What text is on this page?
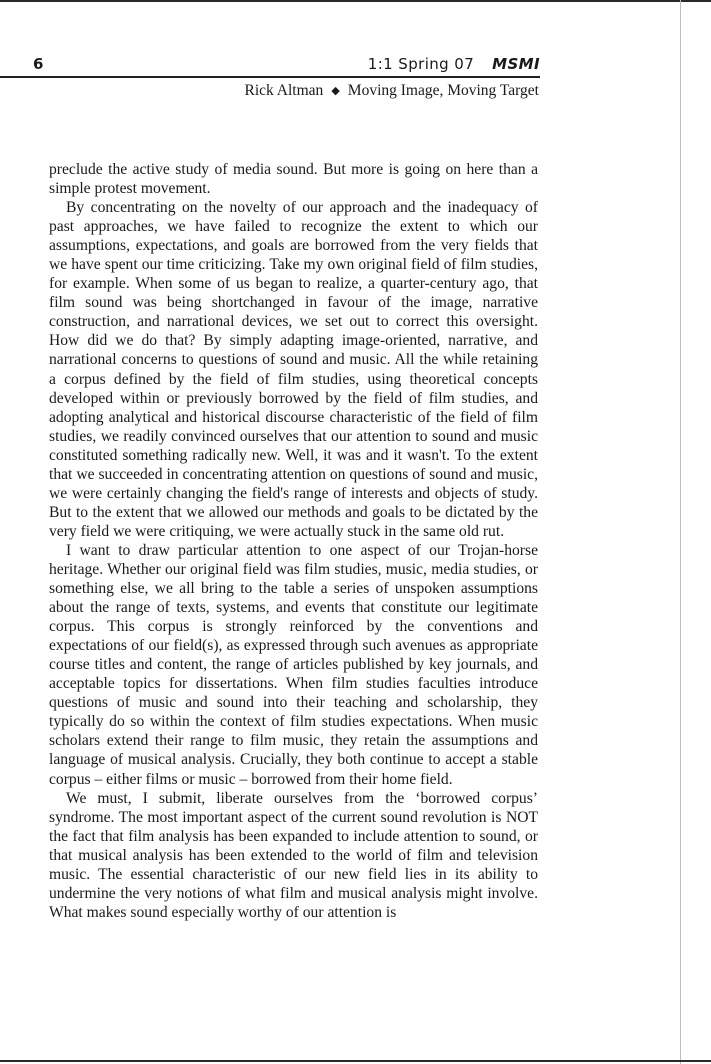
6	1:1 Spring 07 MSMI
Rick Altman ◆ Moving Image, Moving Target

preclude the active study of media sound. But more is going on here than a simple protest movement.

By concentrating on the novelty of our approach and the inadequacy of past approaches, we have failed to recognize the extent to which our assumptions, expectations, and goals are borrowed from the very fields that we have spent our time criticizing. Take my own original field of film studies, for example. When some of us began to realize, a quarter-century ago, that film sound was being shortchanged in favour of the image, narrative construction, and narrational devices, we set out to correct this oversight. How did we do that? By simply adapting image-oriented, narrative, and narrational concerns to questions of sound and music. All the while retaining a corpus defined by the field of film studies, using theoretical concepts developed within or previously borrowed by the field of film studies, and adopting analytical and historical discourse characteristic of the field of film studies, we readily convinced ourselves that our attention to sound and music constituted something radically new. Well, it was and it wasn't. To the extent that we succeeded in concentrating attention on questions of sound and music, we were certainly changing the field's range of interests and objects of study. But to the extent that we allowed our methods and goals to be dictated by the very field we were critiquing, we were actually stuck in the same old rut.

I want to draw particular attention to one aspect of our Trojan-horse heritage. Whether our original field was film studies, music, media studies, or something else, we all bring to the table a series of unspoken assumptions about the range of texts, systems, and events that constitute our legitimate corpus. This corpus is strongly reinforced by the conventions and expectations of our field(s), as expressed through such avenues as appropriate course titles and content, the range of articles published by key journals, and acceptable topics for dissertations. When film studies faculties introduce questions of music and sound into their teaching and scholarship, they typically do so within the context of film studies expectations. When music scholars extend their range to film music, they retain the assumptions and language of musical analysis. Crucially, they both continue to accept a stable corpus – either films or music – borrowed from their home field.

We must, I submit, liberate ourselves from the ‘borrowed corpus’ syndrome. The most important aspect of the current sound revolution is NOT the fact that film analysis has been expanded to include attention to sound, or that musical analysis has been extended to the world of film and television music. The essential characteristic of our new field lies in its ability to undermine the very notions of what film and musical analysis might involve. What makes sound especially worthy of our attention is
